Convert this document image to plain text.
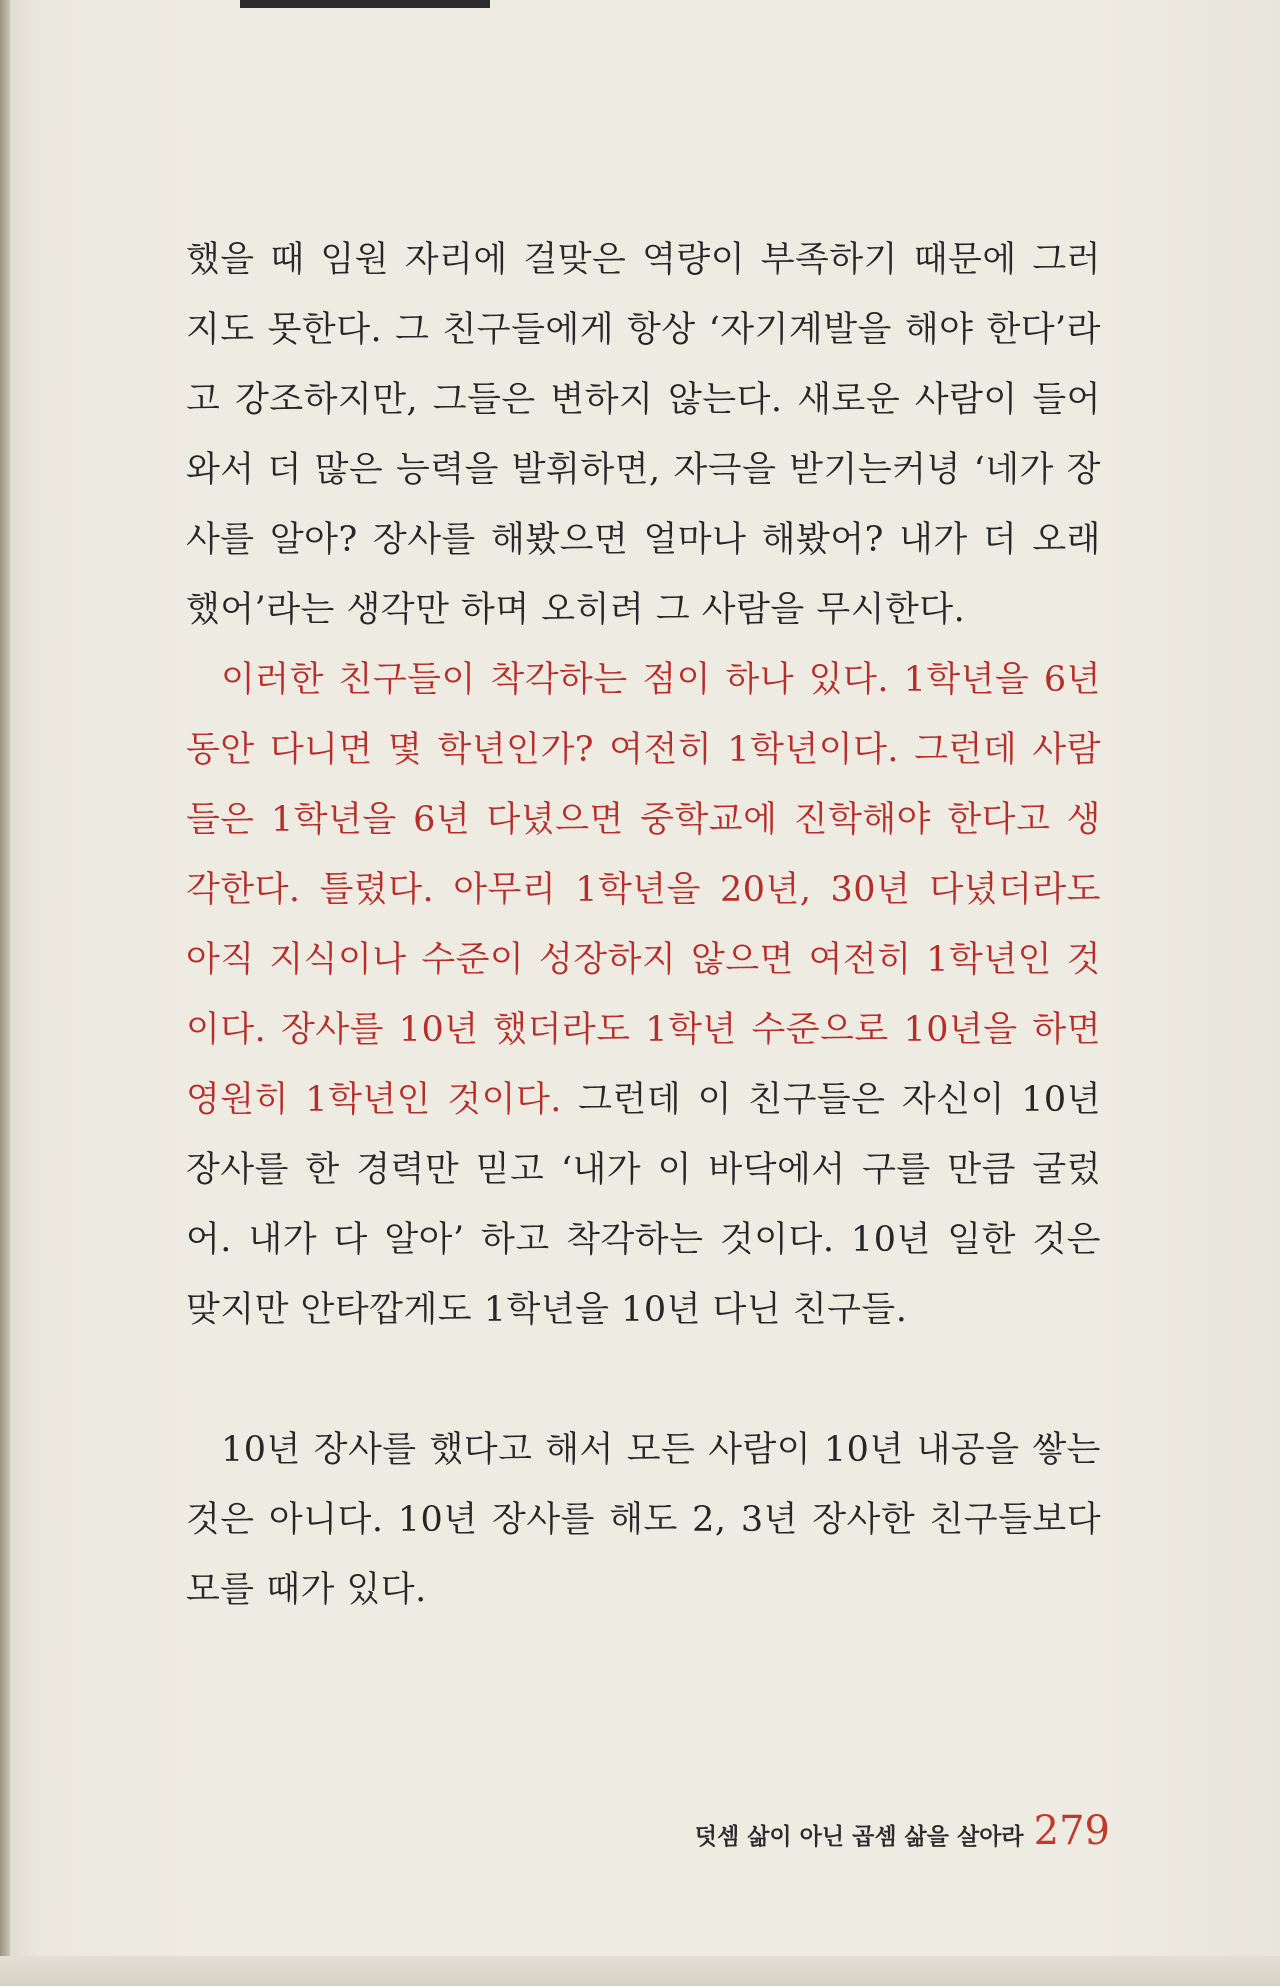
했을 때 임원 자리에 걸맞은 역량이 부족하기 때문에 그러지도 못한다. 그 친구들에게 항상 ‘자기계발을 해야 한다’라고 강조하지만, 그들은 변하지 않는다. 새로운 사람이 들어와서 더 많은 능력을 발휘하면, 자극을 받기는커녕 ‘네가 장사를 알아? 장사를 해봤으면 얼마나 해봤어? 내가 더 오래 했어’라는 생각만 하며 오히려 그 사람을 무시한다.

이러한 친구들이 착각하는 점이 하나 있다. 1학년을 6년 동안 다니면 몇 학년인가? 여전히 1학년이다. 그런데 사람들은 1학년을 6년 다녔으면 중학교에 진학해야 한다고 생각한다. 틀렸다. 아무리 1학년을 20년, 30년 다녔더라도 아직 지식이나 수준이 성장하지 않으면 여전히 1학년인 것이다. 장사를 10년 했더라도 1학년 수준으로 10년을 하면 영원히 1학년인 것이다. 그런데 이 친구들은 자신이 10년 장사를 한 경력만 믿고 ‘내가 이 바닥에서 구를 만큼 굴렀어. 내가 다 알아’ 하고 착각하는 것이다. 10년 일한 것은 맞지만 안타깝게도 1학년을 10년 다닌 친구들.

10년 장사를 했다고 해서 모든 사람이 10년 내공을 쌓는 것은 아니다. 10년 장사를 해도 2, 3년 장사한 친구들보다 모를 때가 있다.

덧셈 삶이 아닌 곱셈 삶을 살아라 279
